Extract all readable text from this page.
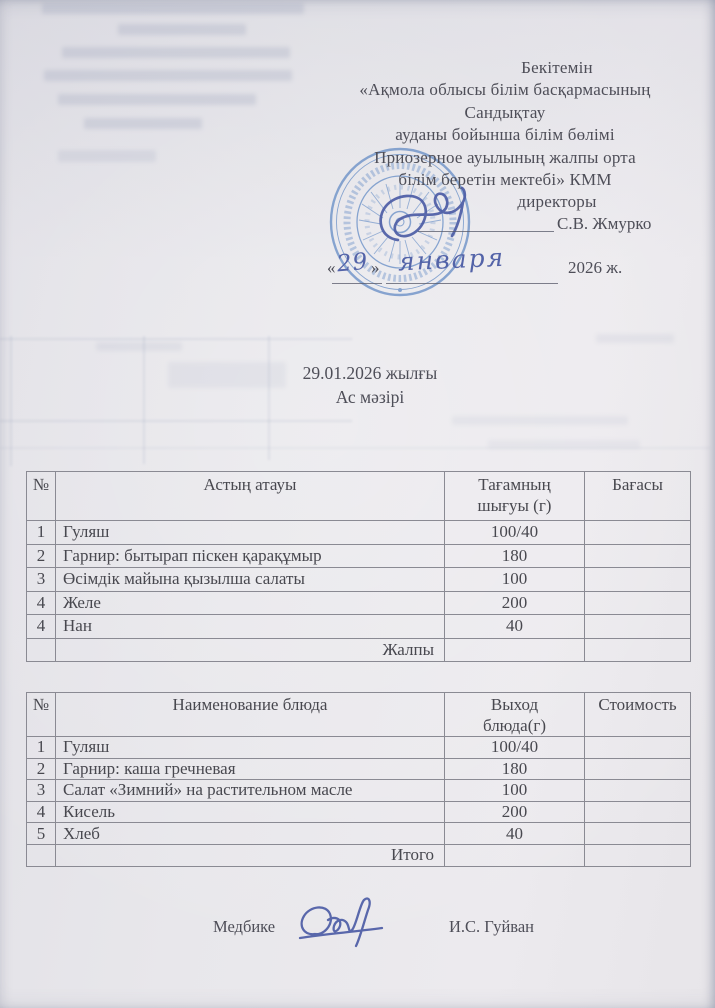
Бекітемін
«Ақмола облысы білім басқармасының
Сандықтау
ауданы бойынша білім бөлімі
Приозерное ауылының жалпы орта
білім беретін мектебі» КММ
директоры
С.В. Жмурко
« 29 » января	2026 ж.
29.01.2026 жылғы
Ас мәзірі
№	Астың атауы	Тағамның шығуы (г)	Бағасы
1	Гуляш	100/40	
2	Гарнир: бытырап піскен қарақұмыр	180	
3	Өсімдік майына қызылша салаты	100	
4	Желе	200	
4	Нан	40	
	Жалпы		
№	Наименование блюда	Выход блюда(г)	Стоимость
1	Гуляш	100/40	
2	Гарнир: каша гречневая	180	
3	Салат «Зимний» на растительном масле	100	
4	Кисель	200	
5	Хлеб	40	
	Итого		
Медбике	И.С. Гуйван
